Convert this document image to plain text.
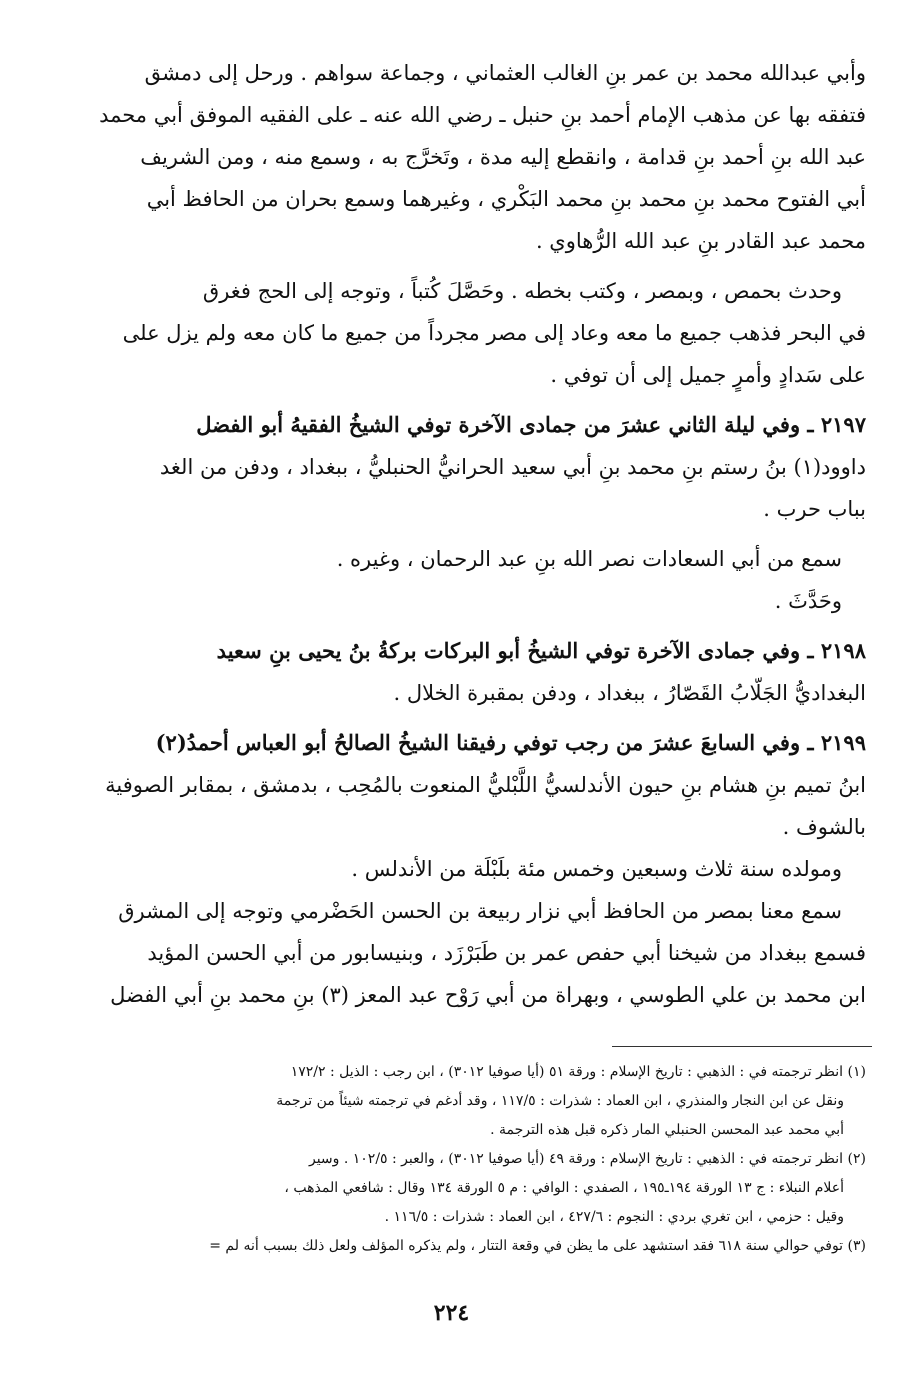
وأبي عبدالله محمد بن عمر بنِ الغالب العثماني ، وجماعة سواهم . ورحل إلى دمشق
فتفقه بها عن مذهب الإمام أحمد بنِ حنبل ـ رضي الله عنه ـ على الفقيه الموفق أبي محمد
عبد الله بنِ أحمد بنِ قدامة ، وانقطع إليه مدة ، وتَخرَّج به ، وسمع منه ، ومن الشريف
أبي الفتوح محمد بنِ محمد بنِ محمد البَكْري ، وغيرهما وسمع بحران من الحافظ أبي
محمد عبد القادر بنِ عبد الله الرُّهاوي .
وحدث بحمص ، وبمصر ، وكتب بخطه . وحَصَّلَ كُتباً ، وتوجه إلى الحج فغرق
في البحر فذهب جميع ما معه وعاد إلى مصر مجرداً من جميع ما كان معه ولم يزل على
على سَدادٍ وأمرٍ جميل إلى أن توفي .
٢١٩٧ ـ وفي ليلة الثاني عشرَ من جمادى الآخرة توفي الشيخُ الفقيهُ أبو الفضل
داوود(١) بنُ رستم بنِ محمد بنِ أبي سعيد الحرانيُّ الحنبليُّ ، ببغداد ، ودفن من الغد
بباب حرب .
سمع من أبي السعادات نصر الله بنِ عبد الرحمان ، وغيره .
وحَدَّثَ .
٢١٩٨ ـ وفي جمادى الآخرة توفي الشيخُ أبو البركات بركةُ بنُ يحيى بنِ سعيد
البغداديُّ الجَلّابُ القَصّارُ ، ببغداد ، ودفن بمقبرة الخلال .
٢١٩٩ ـ وفي السابعَ عشرَ من رجب توفي رفيقنا الشيخُ الصالحُ أبو العباس أحمدُ(٢)
ابنُ تميم بنِ هشام بنِ حيون الأندلسيُّ اللَّبْليُّ المنعوت بالمُحِب ، بدمشق ، بمقابر الصوفية
بالشوف .
ومولده سنة ثلاث وسبعين وخمس مئة بلَبْلَة من الأندلس .
سمع معنا بمصر من الحافظ أبي نزار ربيعة بن الحسن الحَضْرمي وتوجه إلى المشرق
فسمع ببغداد من شيخنا أبي حفص عمر بن طَبَرْزَد ، وبنيسابور من أبي الحسن المؤيد
ابن محمد بن علي الطوسي ، وبهراة من أبي رَوْح عبد المعز (٣) بنِ محمد بنِ أبي الفضل
(١) انظر ترجمته في : الذهبي : تاريخ الإسلام : ورقة ٥١ (أيا صوفيا ٣٠١٢) ، ابن رجب : الذيل : ١٧٢/٢
ونقل عن ابن النجار والمنذري ، ابن العماد : شذرات : ١١٧/٥ ، وقد أدغم في ترجمته شيئاً من ترجمة
أبي محمد عبد المحسن الحنبلي المار ذكره قبل هذه الترجمة .
(٢) انظر ترجمته في : الذهبي : تاريخ الإسلام : ورقة ٤٩ (أيا صوفيا ٣٠١٢) ، والعبر : ١٠٢/٥ . وسير
أعلام النبلاء : ج ١٣ الورقة ١٩٤ـ١٩٥ ، الصفدي : الوافي : م ٥ الورقة ١٣٤ وقال : شافعي المذهب ،
وقيل : حزمي ، ابن تغري بردي : النجوم : ٤٢٧/٦ ، ابن العماد : شذرات : ١١٦/٥ .
(٣) توفي حوالي سنة ٦١٨ فقد استشهد على ما يظن في وقعة التتار ، ولم يذكره المؤلف ولعل ذلك بسبب أنه لم =
٢٢٤
